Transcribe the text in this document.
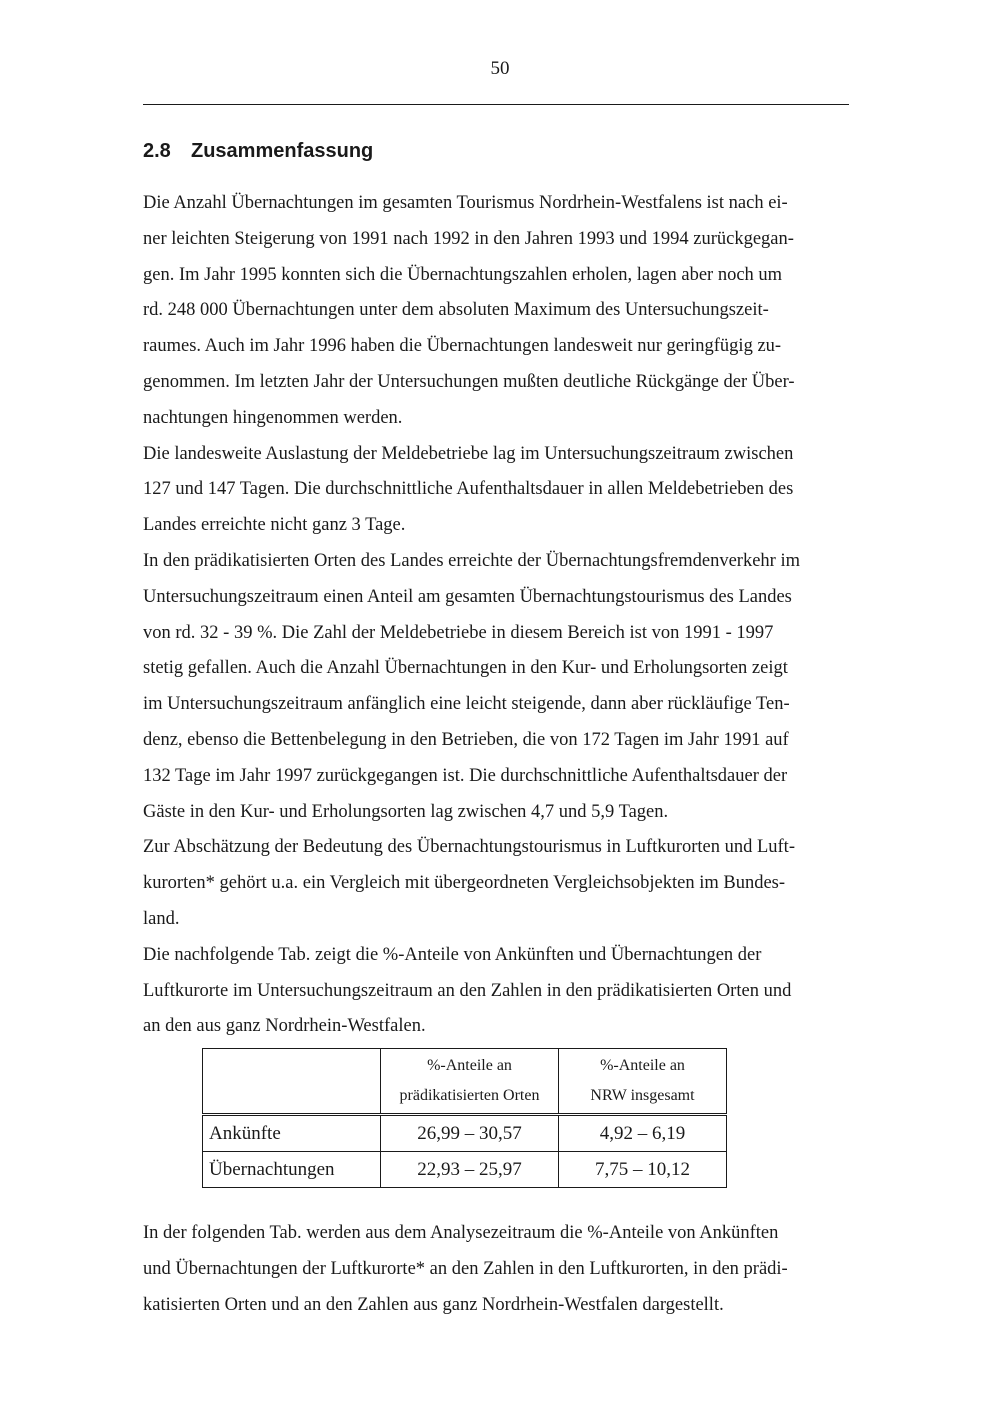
50
2.8 Zusammenfassung
Die Anzahl Übernachtungen im gesamten Tourismus Nordrhein-Westfalens ist nach ei-
ner leichten Steigerung von 1991 nach 1992 in den Jahren 1993 und 1994 zurückgegan-
gen. Im Jahr 1995 konnten sich die Übernachtungszahlen erholen, lagen aber noch um
rd. 248 000 Übernachtungen unter dem absoluten Maximum des Untersuchungszeit-
raumes. Auch im Jahr 1996 haben die Übernachtungen landesweit nur geringfügig zu-
genommen. Im letzten Jahr der Untersuchungen mußten deutliche Rückgänge der Über-
nachtungen hingenommen werden.
Die landesweite Auslastung der Meldebetriebe lag im Untersuchungszeitraum zwischen
127 und 147 Tagen. Die durchschnittliche Aufenthaltsdauer in allen Meldebetrieben des
Landes erreichte nicht ganz 3 Tage.
In den prädikatisierten Orten des Landes erreichte der Übernachtungsfremdenverkehr im
Untersuchungszeitraum einen Anteil am gesamten Übernachtungstourismus des Landes
von rd. 32 - 39 %. Die Zahl der Meldebetriebe in diesem Bereich ist von 1991 - 1997
stetig gefallen. Auch die Anzahl Übernachtungen in den Kur- und Erholungsorten zeigt
im Untersuchungszeitraum anfänglich eine leicht steigende, dann aber rückläufige Ten-
denz, ebenso die Bettenbelegung in den Betrieben, die von 172 Tagen im Jahr 1991 auf
132 Tage im Jahr 1997 zurückgegangen ist. Die durchschnittliche Aufenthaltsdauer der
Gäste in den Kur- und Erholungsorten lag zwischen 4,7 und 5,9 Tagen.
Zur Abschätzung der Bedeutung des Übernachtungstourismus in Luftkurorten und Luft-
kurorten* gehört u.a. ein Vergleich mit übergeordneten Vergleichsobjekten im Bundes-
land.
Die nachfolgende Tab. zeigt die %-Anteile von Ankünften und Übernachtungen der
Luftkurorte im Untersuchungszeitraum an den Zahlen in den prädikatisierten Orten und
an den aus ganz Nordrhein-Westfalen.

	%-Anteile an
prädikatisierten Orten	%-Anteile an
NRW insgesamt

Ankünfte	26,99 – 30,57	4,92 – 6,19
Übernachtungen	22,93 – 25,97	7,75 – 10,12
In der folgenden Tab. werden aus dem Analysezeitraum die %-Anteile von Ankünften
und Übernachtungen der Luftkurorte* an den Zahlen in den Luftkurorten, in den prädi-
katisierten Orten und an den Zahlen aus ganz Nordrhein-Westfalen dargestellt.
